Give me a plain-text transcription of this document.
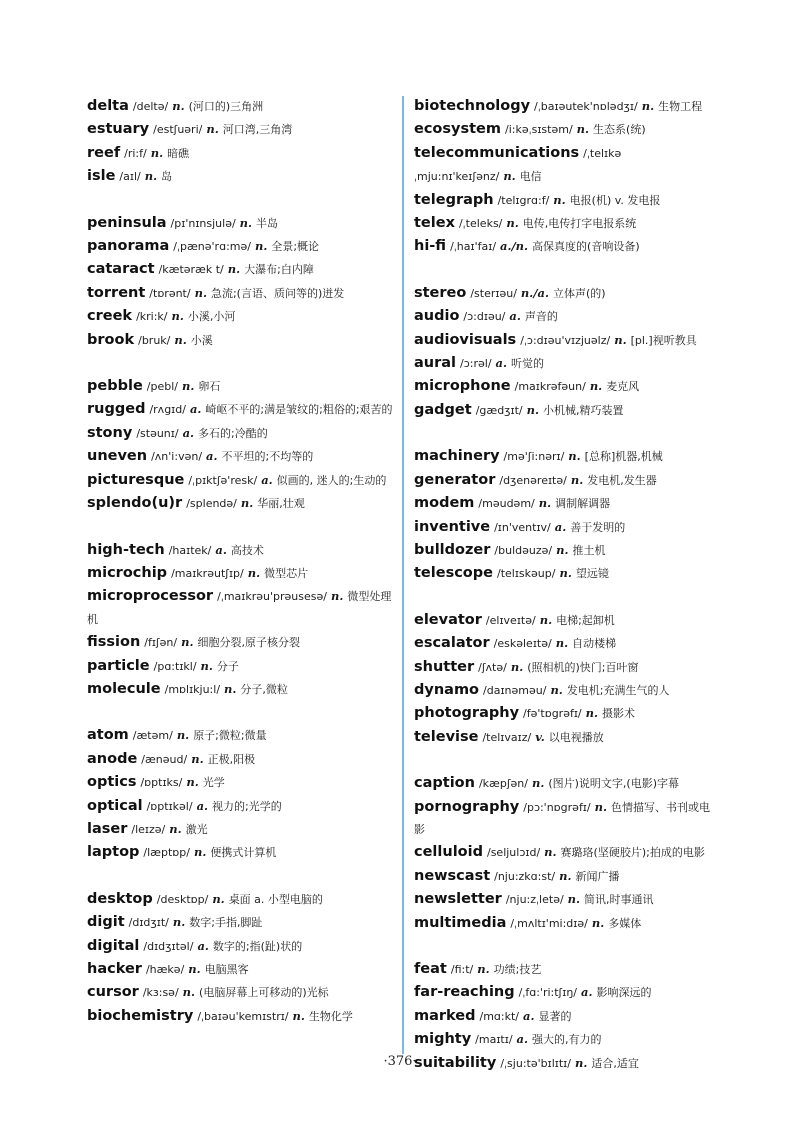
delta /deltə/ n. (河口的)三角洲

estuary /estʃuəri/ n. 河口湾,三角湾

reef /ri:f/ n. 暗礁

isle /aɪl/ n. 岛

peninsula /pɪ'nɪnsjulə/ n. 半岛

panorama /ˌpænə'rɑ:mə/ n. 全景;概论

cataract /kætəræk t/ n. 大瀑布;白内障

torrent /tɒrənt/ n. 急流;(言语、质问等的)迸发

creek /kri:k/ n. 小溪,小河

brook /bruk/ n. 小溪

pebble /pebl/ n. 卵石

rugged /rʌgɪd/ a. 崎岖不平的;满是皱纹的;粗俗的;艰苦的

stony /stəunɪ/ a. 多石的;冷酷的

uneven /ʌn'i:vən/ a. 不平坦的;不均等的

picturesque /ˌpɪktʃə'resk/ a. 似画的, 迷人的;生动的

splendo(u)r /splendə/ n. 华丽,壮观

high-tech /haɪtek/ a. 高技术

microchip /maɪkrəutʃɪp/ n. 微型芯片

microprocessor /ˌmaɪkrəu'prəusesə/ n. 微型处理机

fission /fɪʃən/ n. 细胞分裂,原子核分裂

particle /pɑ:tɪkl/ n. 分子

molecule /mɒlɪkju:l/ n. 分子,微粒

atom /ætəm/ n. 原子;微粒;微量

anode /ænəud/ n. 正极,阳极

optics /ɒptɪks/ n. 光学

optical /ɒptɪkəl/ a. 视力的;光学的

laser /leɪzə/ n. 激光

laptop /læptɒp/ n. 便携式计算机

desktop /desktɒp/ n. 桌面 a. 小型电脑的

digit /dɪdʒɪt/ n. 数字;手指,脚趾

digital /dɪdʒɪtəl/ a. 数字的;指(趾)状的

hacker /hækə/ n. 电脑黑客

cursor /kɜ:sə/ n. (电脑屏幕上可移动的)光标

biochemistry /ˌbaɪəu'kemɪstrɪ/ n. 生物化学

biotechnology /ˌbaɪəutek'nɒlədʒɪ/ n. 生物工程

ecosystem /i:kəˌsɪstəm/ n. 生态系(统)

telecommunications /ˌtelɪkəˌmju:nɪ'keɪʃənz/ n. 电信

telegraph /telɪgrɑ:f/ n. 电报(机) v. 发电报

telex /ˌteleks/ n. 电传,电传打字电报系统

hi-fi /ˌhaɪ'faɪ/ a./n. 高保真度的(音响设备)

stereo /sterɪəu/ n./a. 立体声(的)

audio /ɔ:dɪəu/ a. 声音的

audiovisuals /ˌɔ:dɪəu'vɪzjuəlz/ n. [pl.]视听教具

aural /ɔ:rəl/ a. 听觉的

microphone /maɪkrəfəun/ n. 麦克风

gadget /gædʒɪt/ n. 小机械,精巧装置

machinery /mə'ʃi:nərɪ/ n. [总称]机器,机械

generator /dʒenəreɪtə/ n. 发电机,发生器

modem /məudəm/ n. 调制解调器

inventive /ɪn'ventɪv/ a. 善于发明的

bulldozer /buldəuzə/ n. 推土机

telescope /telɪskəup/ n. 望远镜

elevator /elɪveɪtə/ n. 电梯;起卸机

escalator /eskəleɪtə/ n. 自动楼梯

shutter /ʃʌtə/ n. (照相机的)快门;百叶窗

dynamo /daɪnəməu/ n. 发电机;充满生气的人

photography /fə'tɒgrəfɪ/ n. 摄影术

televise /telɪvaɪz/ v. 以电视播放

caption /kæpʃən/ n. (图片)说明文字,(电影)字幕

pornography /pɔ:'nɒgrəfɪ/ n. 色情描写、书刊或电影

celluloid /seljulɔɪd/ n. 赛璐珞(坚硬胶片);拍成的电影

newscast /nju:zkɑ:st/ n. 新闻广播

newsletter /nju:zˌletə/ n. 简讯,时事通讯

multimedia /ˌmʌltɪ'mi:dɪə/ n. 多媒体

feat /fi:t/ n. 功绩;技艺

far-reaching /ˌfɑ:'ri:tʃɪŋ/ a. 影响深远的

marked /mɑ:kt/ a. 显著的

mighty /maɪtɪ/ a. 强大的,有力的

suitability /ˌsju:tə'bɪlɪtɪ/ n. 适合,适宜

·376·
